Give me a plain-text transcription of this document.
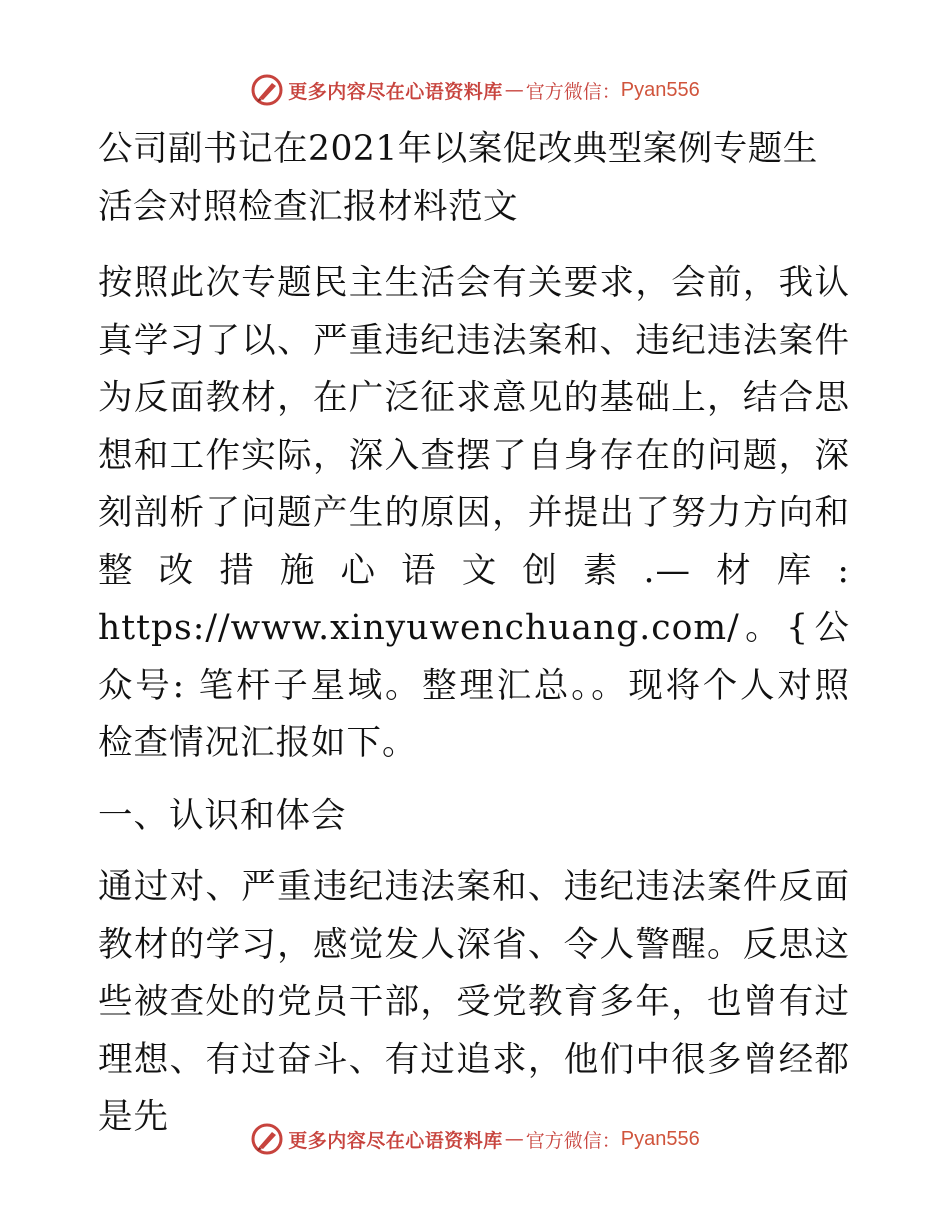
更多内容尽在心语资料库 — 官方微信： Pyan556

公司副书记在2021年以案促改典型案例专题生活会对照检查汇报材料范文

按照此次专题民主生活会有关要求，会前，我认真学习了以、严重违纪违法案和、违纪违法案件为反面教材，在广泛征求意见的基础上，结合思想和工作实际，深入查摆了自身存在的问题，深刻剖析了问题产生的原因，并提出了努力方向和整改措施心语文创素.—材库: https://www.xinyuwenchuang.com/。{公众号: 笔杆子星域。整理汇总。。现将个人对照检查情况汇报如下。

一、认识和体会

通过对、严重违纪违法案和、违纪违法案件反面教材的学习，感觉发人深省、令人警醒。反思这些被查处的党员干部，受党教育多年，也曾有过理想、有过奋斗、有过追求，他们中很多曾经都是先

更多内容尽在心语资料库 — 官方微信： Pyan556
